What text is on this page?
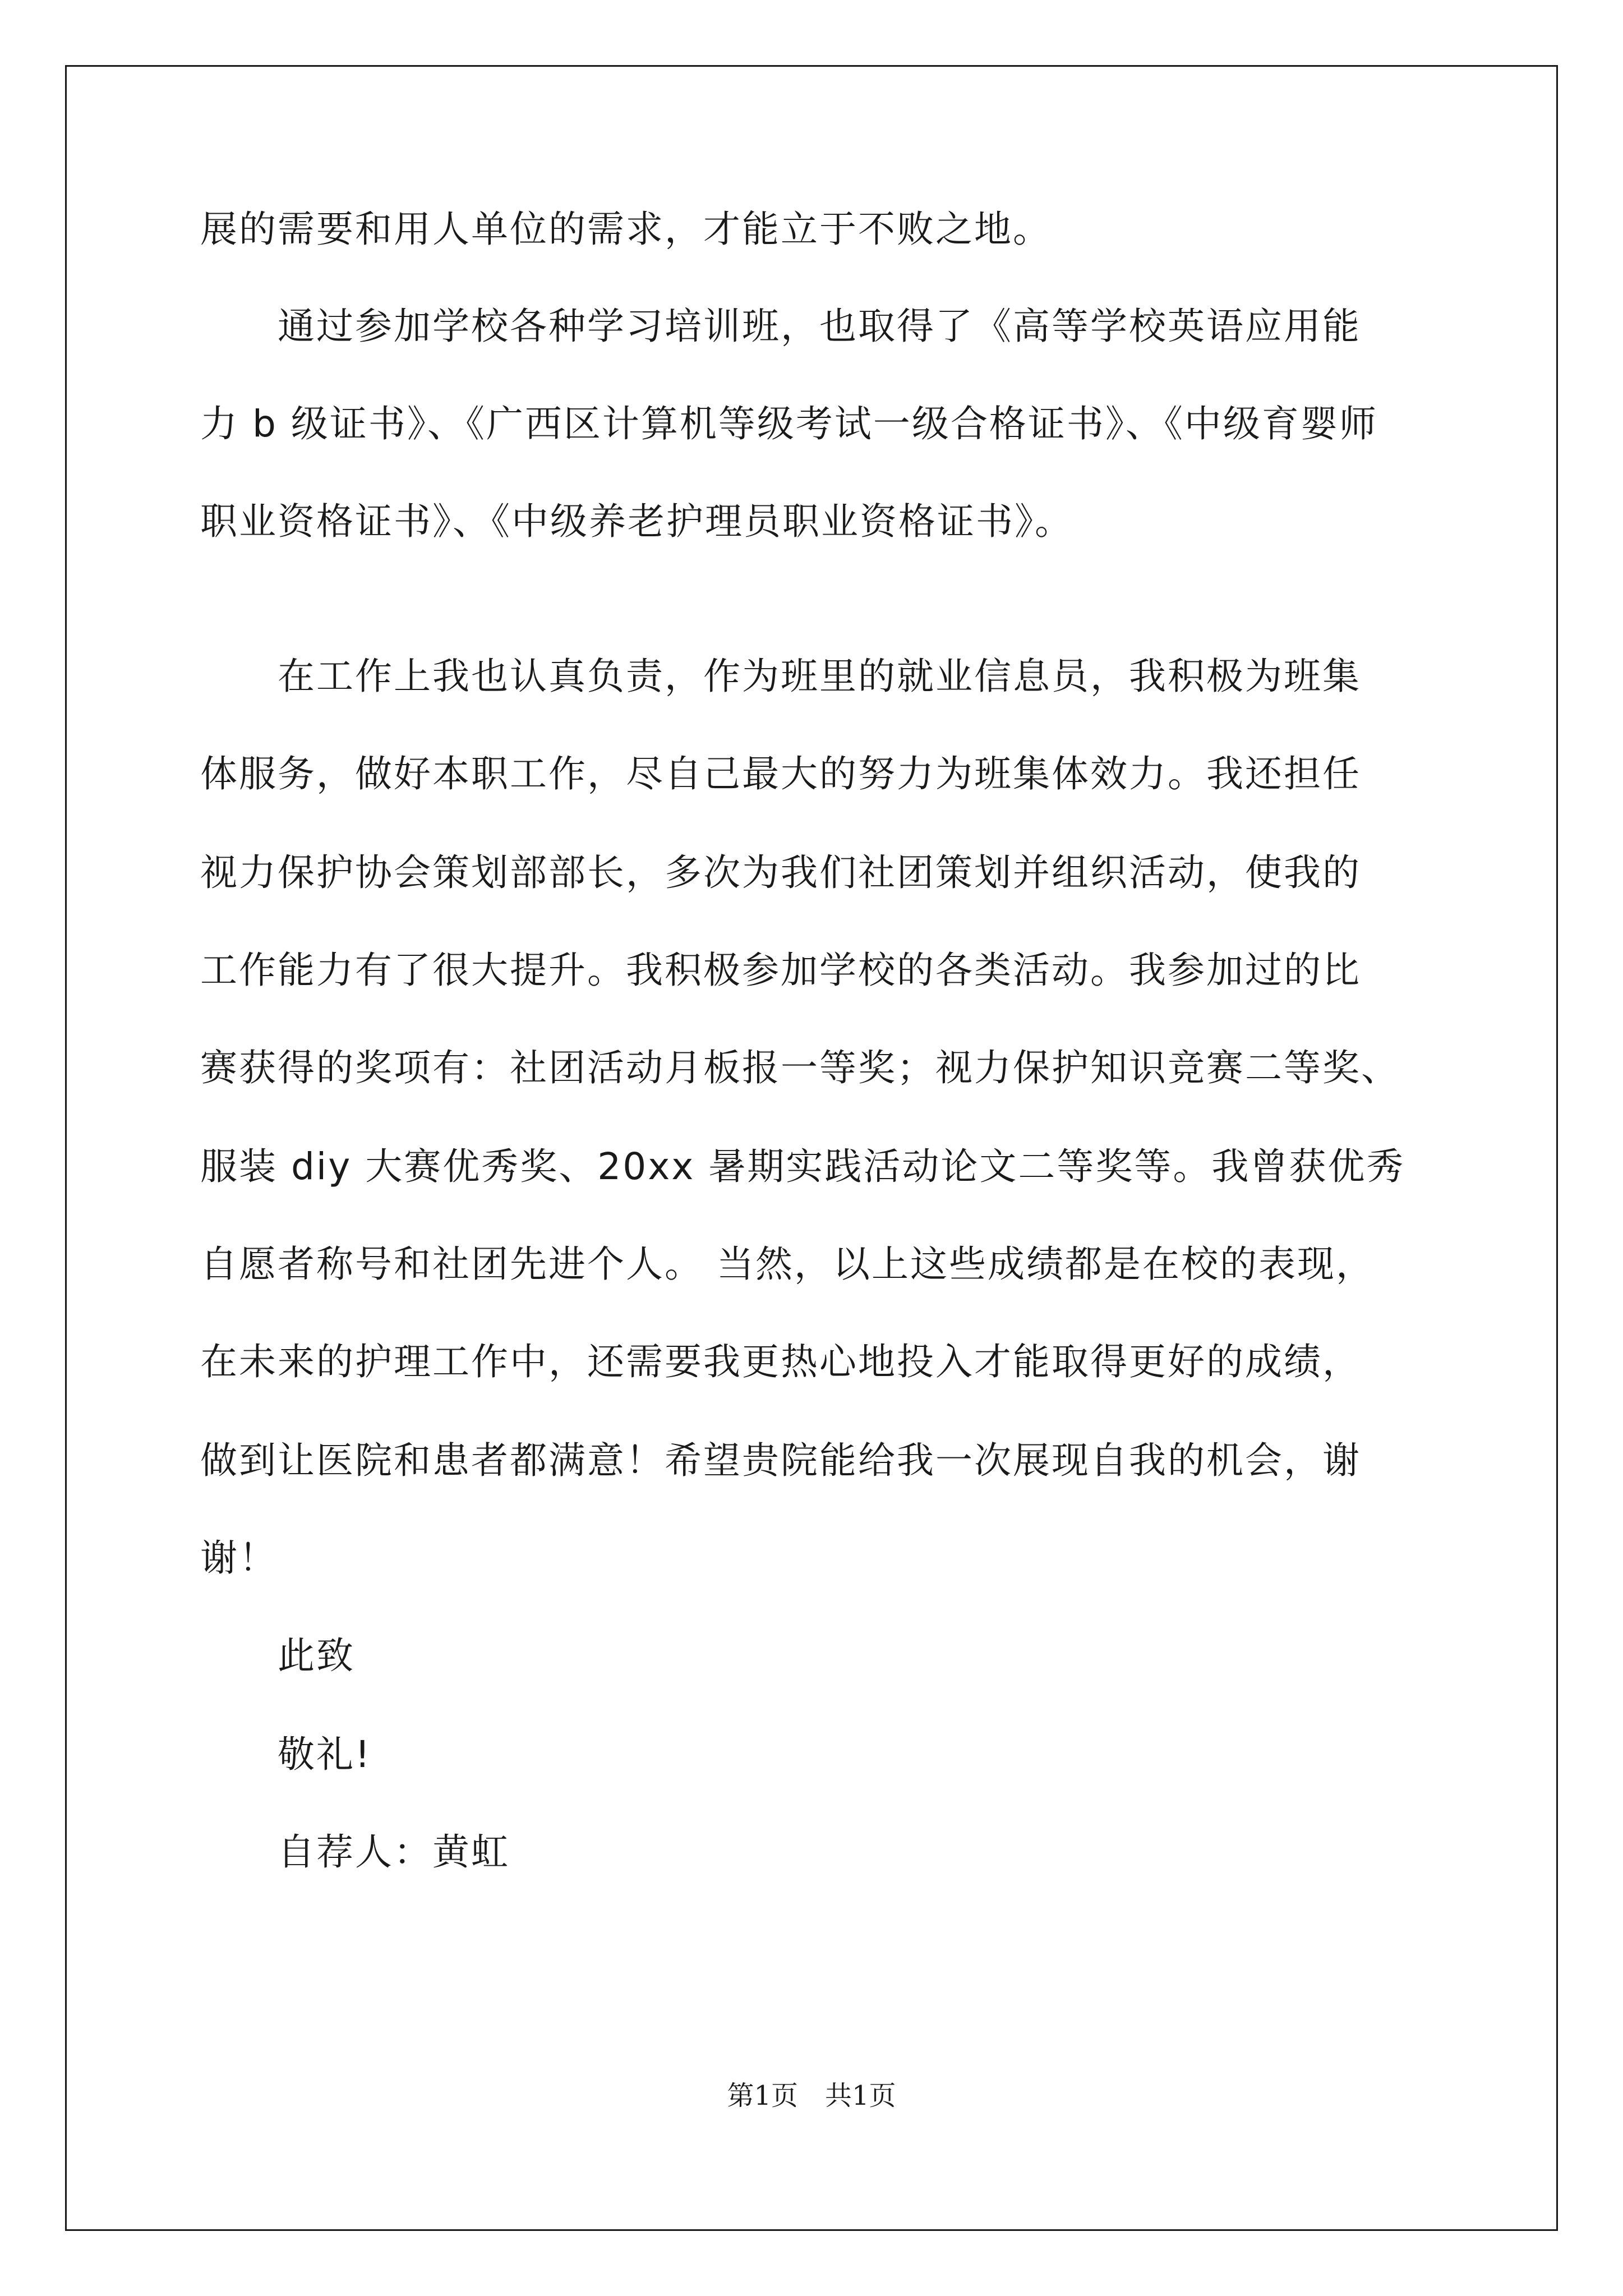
展的需要和用人单位的需求，才能立于不败之地。
　　通过参加学校各种学习培训班，也取得了《高等学校英语应用能
力 b 级证书》、《广西区计算机等级考试一级合格证书》、《中级育婴师
职业资格证书》、《中级养老护理员职业资格证书》。
　　在工作上我也认真负责，作为班里的就业信息员，我积极为班集
体服务，做好本职工作，尽自己最大的努力为班集体效力。我还担任
视力保护协会策划部部长，多次为我们社团策划并组织活动，使我的
工作能力有了很大提升。我积极参加学校的各类活动。我参加过的比
赛获得的奖项有：社团活动月板报一等奖；视力保护知识竞赛二等奖、
服装 diy 大赛优秀奖、20xx 暑期实践活动论文二等奖等。我曾获优秀
自愿者称号和社团先进个人。 当然，以上这些成绩都是在校的表现，
在未来的护理工作中，还需要我更热心地投入才能取得更好的成绩，
做到让医院和患者都满意！希望贵院能给我一次展现自我的机会，谢
谢！
　　此致
　　敬礼!
　　自荐人：黄虹
第1页　共1页
